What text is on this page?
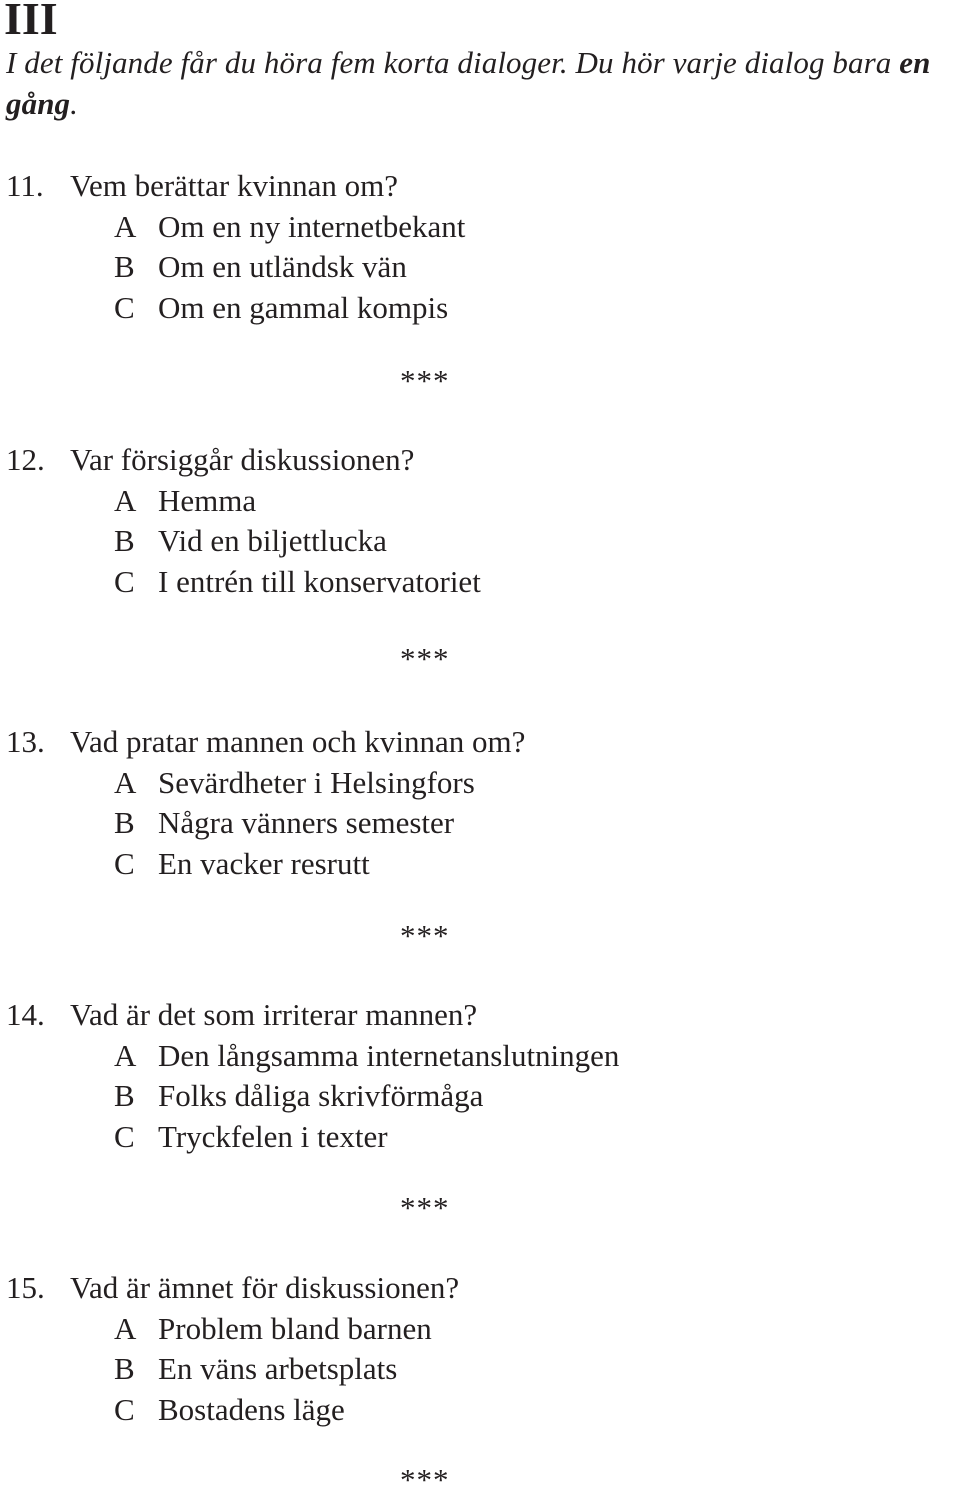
III

I det följande får du höra fem korta dialoger. Du hör varje dialog bara en gång.

11. Vem berättar kvinnan om?
A Om en ny internetbekant
B Om en utländsk vän
C Om en gammal kompis
***
12. Var försiggår diskussionen?
A Hemma
B Vid en biljettlucka
C I entrén till konservatoriet
***
13. Vad pratar mannen och kvinnan om?
A Sevärdheter i Helsingfors
B Några vänners semester
C En vacker resrutt
***
14. Vad är det som irriterar mannen?
A Den långsamma internetanslutningen
B Folks dåliga skrivförmåga
C Tryckfelen i texter
***
15. Vad är ämnet för diskussionen?
A Problem bland barnen
B En väns arbetsplats
C Bostadens läge
***
